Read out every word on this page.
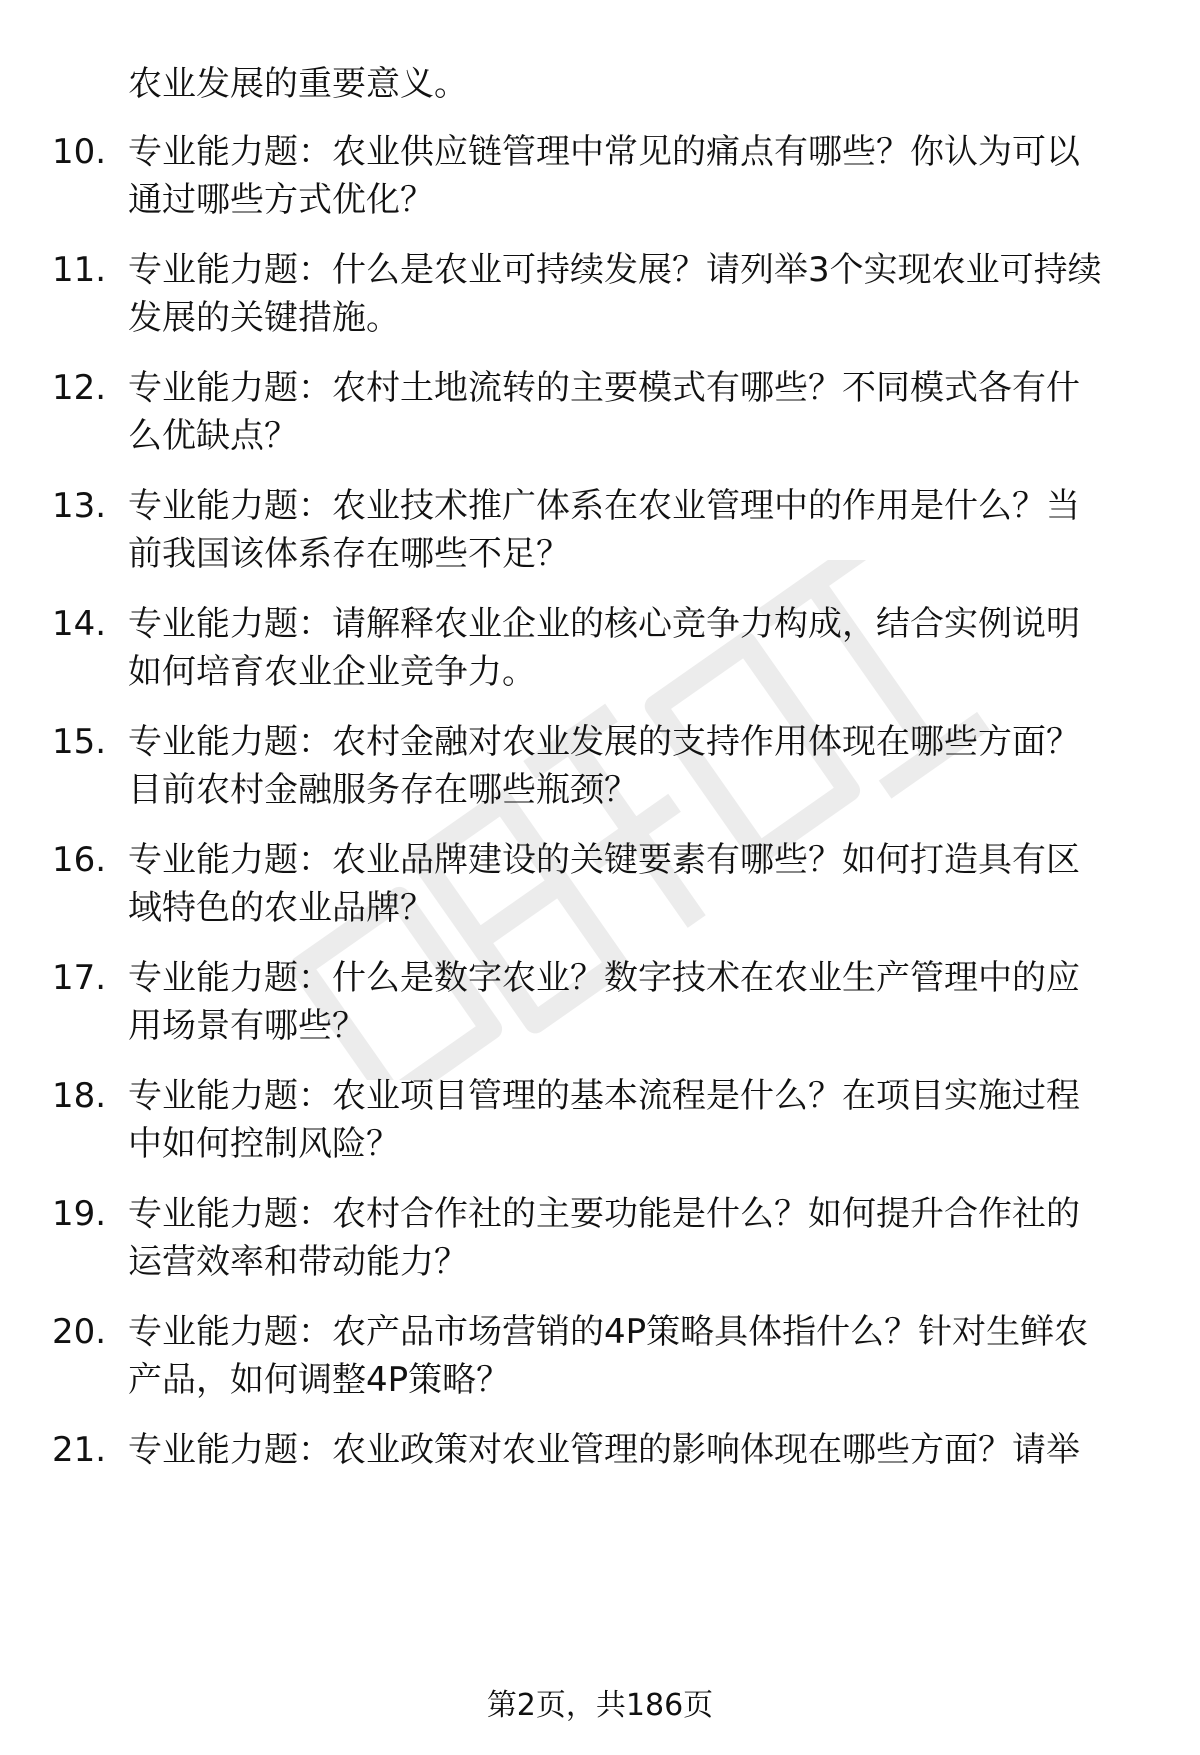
农业发展的重要意义。
10. 专业能力题：农业供应链管理中常见的痛点有哪些？你认为可以
通过哪些方式优化？
11. 专业能力题：什么是农业可持续发展？请列举3个实现农业可持续
发展的关键措施。
12. 专业能力题：农村土地流转的主要模式有哪些？不同模式各有什
么优缺点？
13. 专业能力题：农业技术推广体系在农业管理中的作用是什么？当
前我国该体系存在哪些不足？
14. 专业能力题：请解释农业企业的核心竞争力构成，结合实例说明
如何培育农业企业竞争力。
15. 专业能力题：农村金融对农业发展的支持作用体现在哪些方面？
目前农村金融服务存在哪些瓶颈？
16. 专业能力题：农业品牌建设的关键要素有哪些？如何打造具有区
域特色的农业品牌？
17. 专业能力题：什么是数字农业？数字技术在农业生产管理中的应
用场景有哪些？
18. 专业能力题：农业项目管理的基本流程是什么？在项目实施过程
中如何控制风险？
19. 专业能力题：农村合作社的主要功能是什么？如何提升合作社的
运营效率和带动能力？
20. 专业能力题：农产品市场营销的4P策略具体指什么？针对生鲜农
产品，如何调整4P策略？
21. 专业能力题：农业政策对农业管理的影响体现在哪些方面？请举
第2页，共186页
